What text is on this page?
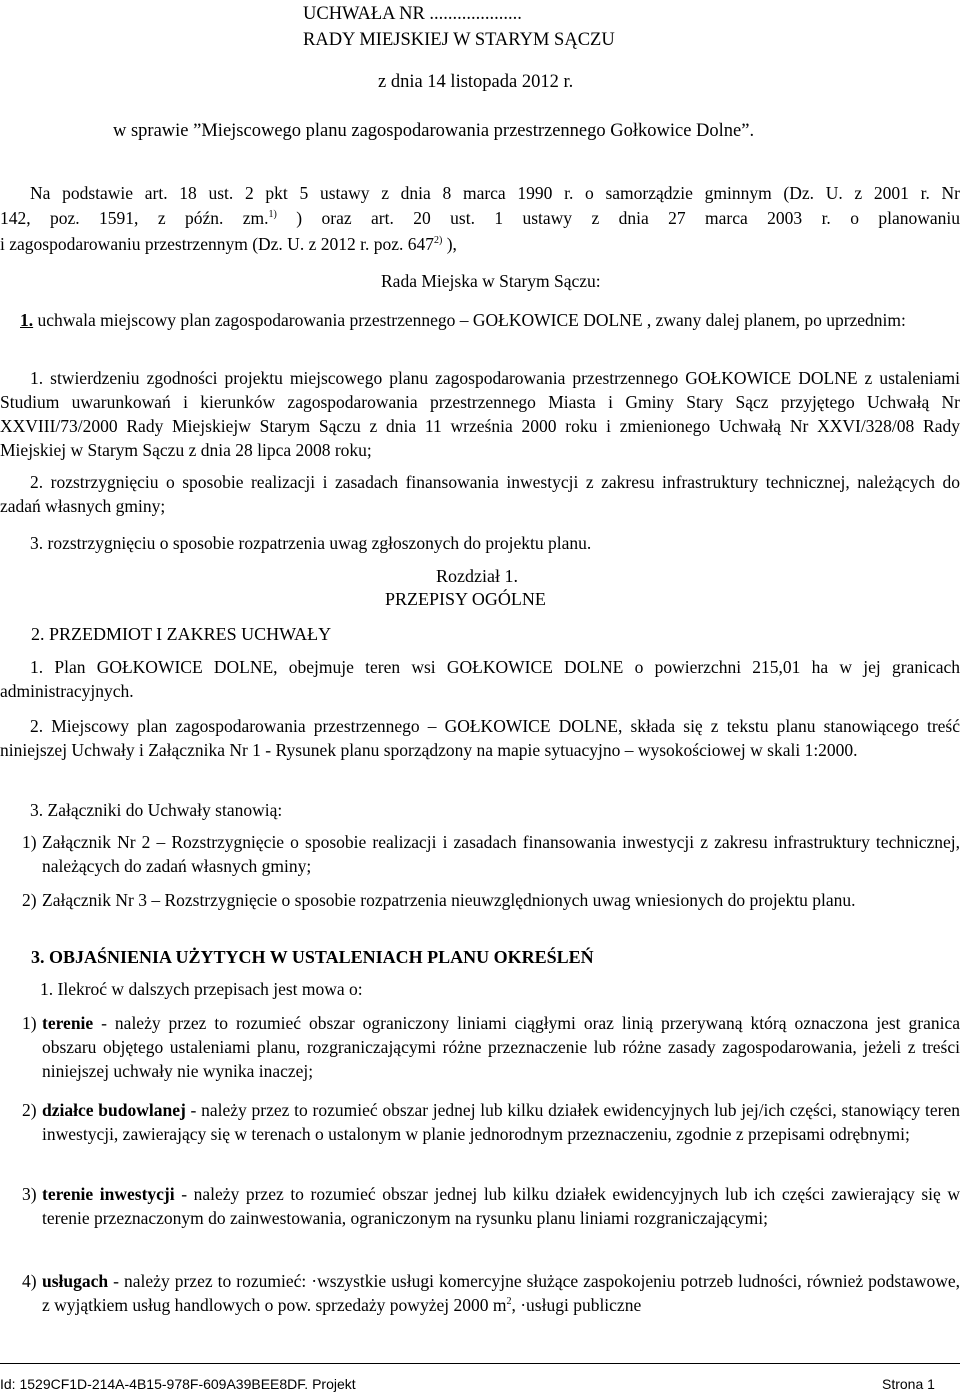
UCHWAŁA NR ....................
RADY MIEJSKIEJ W STARYM SĄCZU
z dnia 14 listopada 2012 r.
w sprawie ”Miejscowego planu zagospodarowania przestrzennego Gołkowice Dolne”.
Na podstawie art. 18 ust. 2 pkt 5 ustawy z dnia 8 marca 1990 r. o samorządzie gminnym (Dz. U. z 2001 r. Nr
142, poz. 1591, z późn. zm.$^{1)}$ ) oraz art. 20 ust. 1 ustawy z dnia 27 marca 2003 r. o planowaniu
i zagospodarowaniu przestrzennym (Dz. U. z 2012 r. poz. 647$^{2)}$ ),
Rada Miejska w Starym Sączu:
1. uchwala miejscowy plan zagospodarowania przestrzennego – GOŁKOWICE DOLNE , zwany dalej planem, po uprzednim:
1. stwierdzeniu zgodności projektu miejscowego planu zagospodarowania przestrzennego GOŁKOWICE DOLNE z ustaleniami Studium uwarunkowań i kierunków zagospodarowania przestrzennego Miasta i Gminy Stary Sącz przyjętego Uchwałą Nr XXVIII/73/2000 Rady Miejskiejw Starym Sączu z dnia 11 września 2000 roku i zmienionego Uchwałą Nr XXVI/328/08 Rady Miejskiej w Starym Sączu z dnia 28 lipca 2008 roku;
2. rozstrzygnięciu o sposobie realizacji i zasadach finansowania inwestycji z zakresu infrastruktury technicznej, należących do zadań własnych gminy;
3. rozstrzygnięciu o sposobie rozpatrzenia uwag zgłoszonych do projektu planu.
Rozdział 1.
PRZEPISY OGÓLNE
2. PRZEDMIOT I ZAKRES UCHWAŁY
1. Plan GOŁKOWICE DOLNE, obejmuje teren wsi GOŁKOWICE DOLNE o powierzchni 215,01 ha w jej granicach administracyjnych.
2. Miejscowy plan zagospodarowania przestrzennego – GOŁKOWICE DOLNE, składa się z tekstu planu stanowiącego treść niniejszej Uchwały i Załącznika Nr 1 - Rysunek planu sporządzony na mapie sytuacyjno – wysokościowej w skali 1:2000.
3. Załączniki do Uchwały stanowią:
1) Załącznik Nr 2 – Rozstrzygnięcie o sposobie realizacji i zasadach finansowania inwestycji z zakresu infrastruktury technicznej, należących do zadań własnych gminy;
2) Załącznik Nr 3 – Rozstrzygnięcie o sposobie rozpatrzenia nieuwzględnionych uwag wniesionych do projektu planu.
3. OBJAŚNIENIA UŻYTYCH W USTALENIACH PLANU OKREŚLEŃ
1. Ilekroć w dalszych przepisach jest mowa o:
1) terenie - należy przez to rozumieć obszar ograniczony liniami ciągłymi oraz linią przerywaną którą oznaczona jest granica obszaru objętego ustaleniami planu, rozgraniczającymi różne przeznaczenie lub różne zasady zagospodarowania, jeżeli z treści niniejszej uchwały nie wynika inaczej;
2) działce budowlanej - należy przez to rozumieć obszar jednej lub kilku działek ewidencyjnych lub jej/ich części, stanowiący teren inwestycji, zawierający się w terenach o ustalonym w planie jednorodnym przeznaczeniu, zgodnie z przepisami odrębnymi;
3) terenie inwestycji - należy przez to rozumieć obszar jednej lub kilku działek ewidencyjnych lub ich części zawierający się w terenie przeznaczonym do zainwestowania, ograniczonym na rysunku planu liniami rozgraniczającymi;
4) usługach - należy przez to rozumieć: ·wszystkie usługi komercyjne służące zaspokojeniu potrzeb ludności, również podstawowe, z wyjątkiem usług handlowych o pow. sprzedaży powyżej 2000 $m^2$, ·usługi publiczne
Id: 1529CF1D-214A-4B15-978F-609A39BEE8DF. Projekt	Strona 1
